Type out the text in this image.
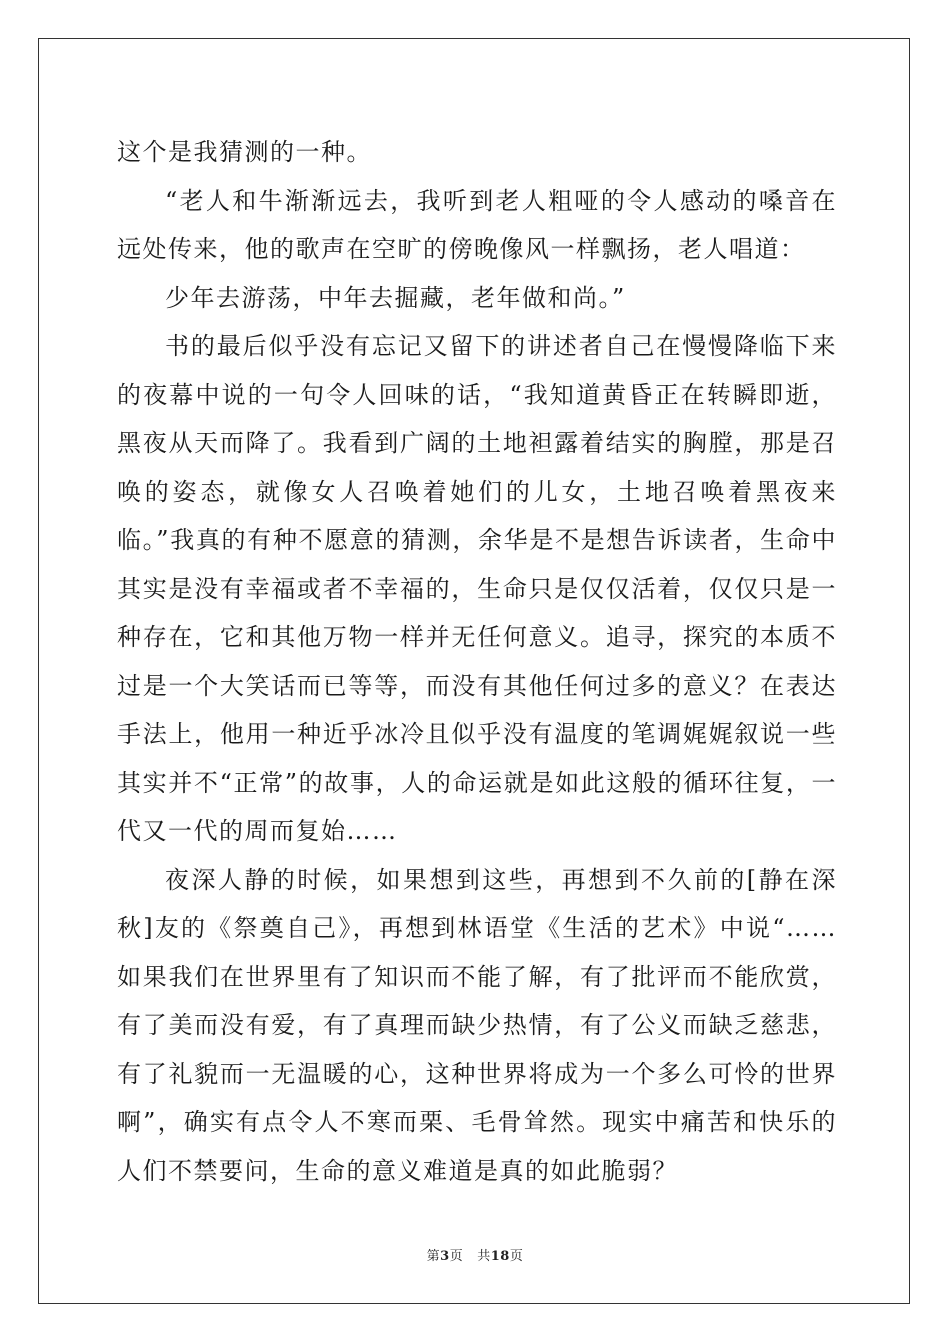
这个是我猜测的一种。

“老人和牛渐渐远去，我听到老人粗哑的令人感动的嗓音在远处传来，他的歌声在空旷的傍晚像风一样飘扬，老人唱道：

少年去游荡，中年去掘藏，老年做和尚。”

书的最后似乎没有忘记又留下的讲述者自己在慢慢降临下来的夜幕中说的一句令人回味的话，“我知道黄昏正在转瞬即逝，黑夜从天而降了。我看到广阔的土地袒露着结实的胸膛，那是召唤的姿态，就像女人召唤着她们的儿女，土地召唤着黑夜来临。”我真的有种不愿意的猜测，余华是不是想告诉读者，生命中其实是没有幸福或者不幸福的，生命只是仅仅活着，仅仅只是一种存在，它和其他万物一样并无任何意义。追寻，探究的本质不过是一个大笑话而已等等，而没有其他任何过多的意义？在表达手法上，他用一种近乎冰冷且似乎没有温度的笔调娓娓叙说一些其实并不“正常”的故事，人的命运就是如此这般的循环往复，一代又一代的周而复始……

夜深人静的时候，如果想到这些，再想到不久前的[静在深秋]友的《祭奠自己》，再想到林语堂《生活的艺术》中说“……如果我们在世界里有了知识而不能了解，有了批评而不能欣赏，有了美而没有爱，有了真理而缺少热情，有了公义而缺乏慈悲，有了礼貌而一无温暖的心，这种世界将成为一个多么可怜的世界啊”，确实有点令人不寒而栗、毛骨耸然。现实中痛苦和快乐的人们不禁要问，生命的意义难道是真的如此脆弱？

第3页 共18页
